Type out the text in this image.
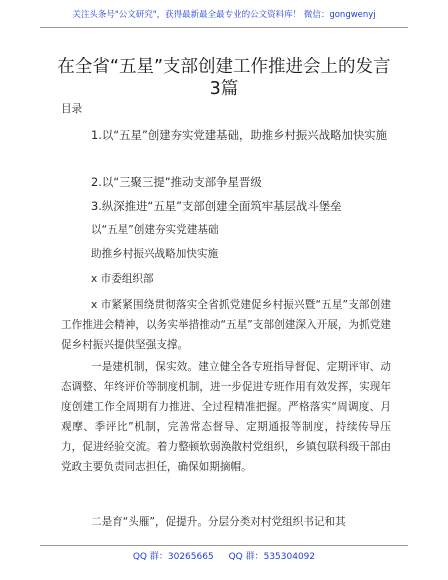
关注头条号"公文研究"，获得最新最全最专业的公文资料库！ 微信：gongwenyj
在全省“五星”支部创建工作推进会上的发言
3篇
目录
1.以“五星”创建夯实党建基础，助推乡村振兴战略加快实施
2.以“三聚三提”推动支部争星晋级
3.纵深推进“五星”支部创建全面筑牢基层战斗堡垒
以“五星”创建夯实党建基础
助推乡村振兴战略加快实施
x 市委组织部
x 市紧紧围绕贯彻落实全省抓党建促乡村振兴暨“五星”支部创建工作推进会精神，以务实举措推动“五星”支部创建深入开展，为抓党建促乡村振兴提供坚强支撑。
一是建机制，保实效。建立健全各专班指导督促、定期评审、动态调整、年终评价等制度机制，进一步促进专班作用有效发挥，实现年度创建工作全周期有力推进、全过程精准把握。严格落实“周调度、月观摩、季评比”机制，完善常态督导、定期通报等制度，持续传导压力，促进经验交流。着力整顿软弱涣散村党组织，乡镇包联科级干部由党政主要负责同志担任，确保如期摘帽。
二是育“头雁”，促提升。分层分类对村党组织书记和其
QQ 群：30265665 QQ 群：535304092
